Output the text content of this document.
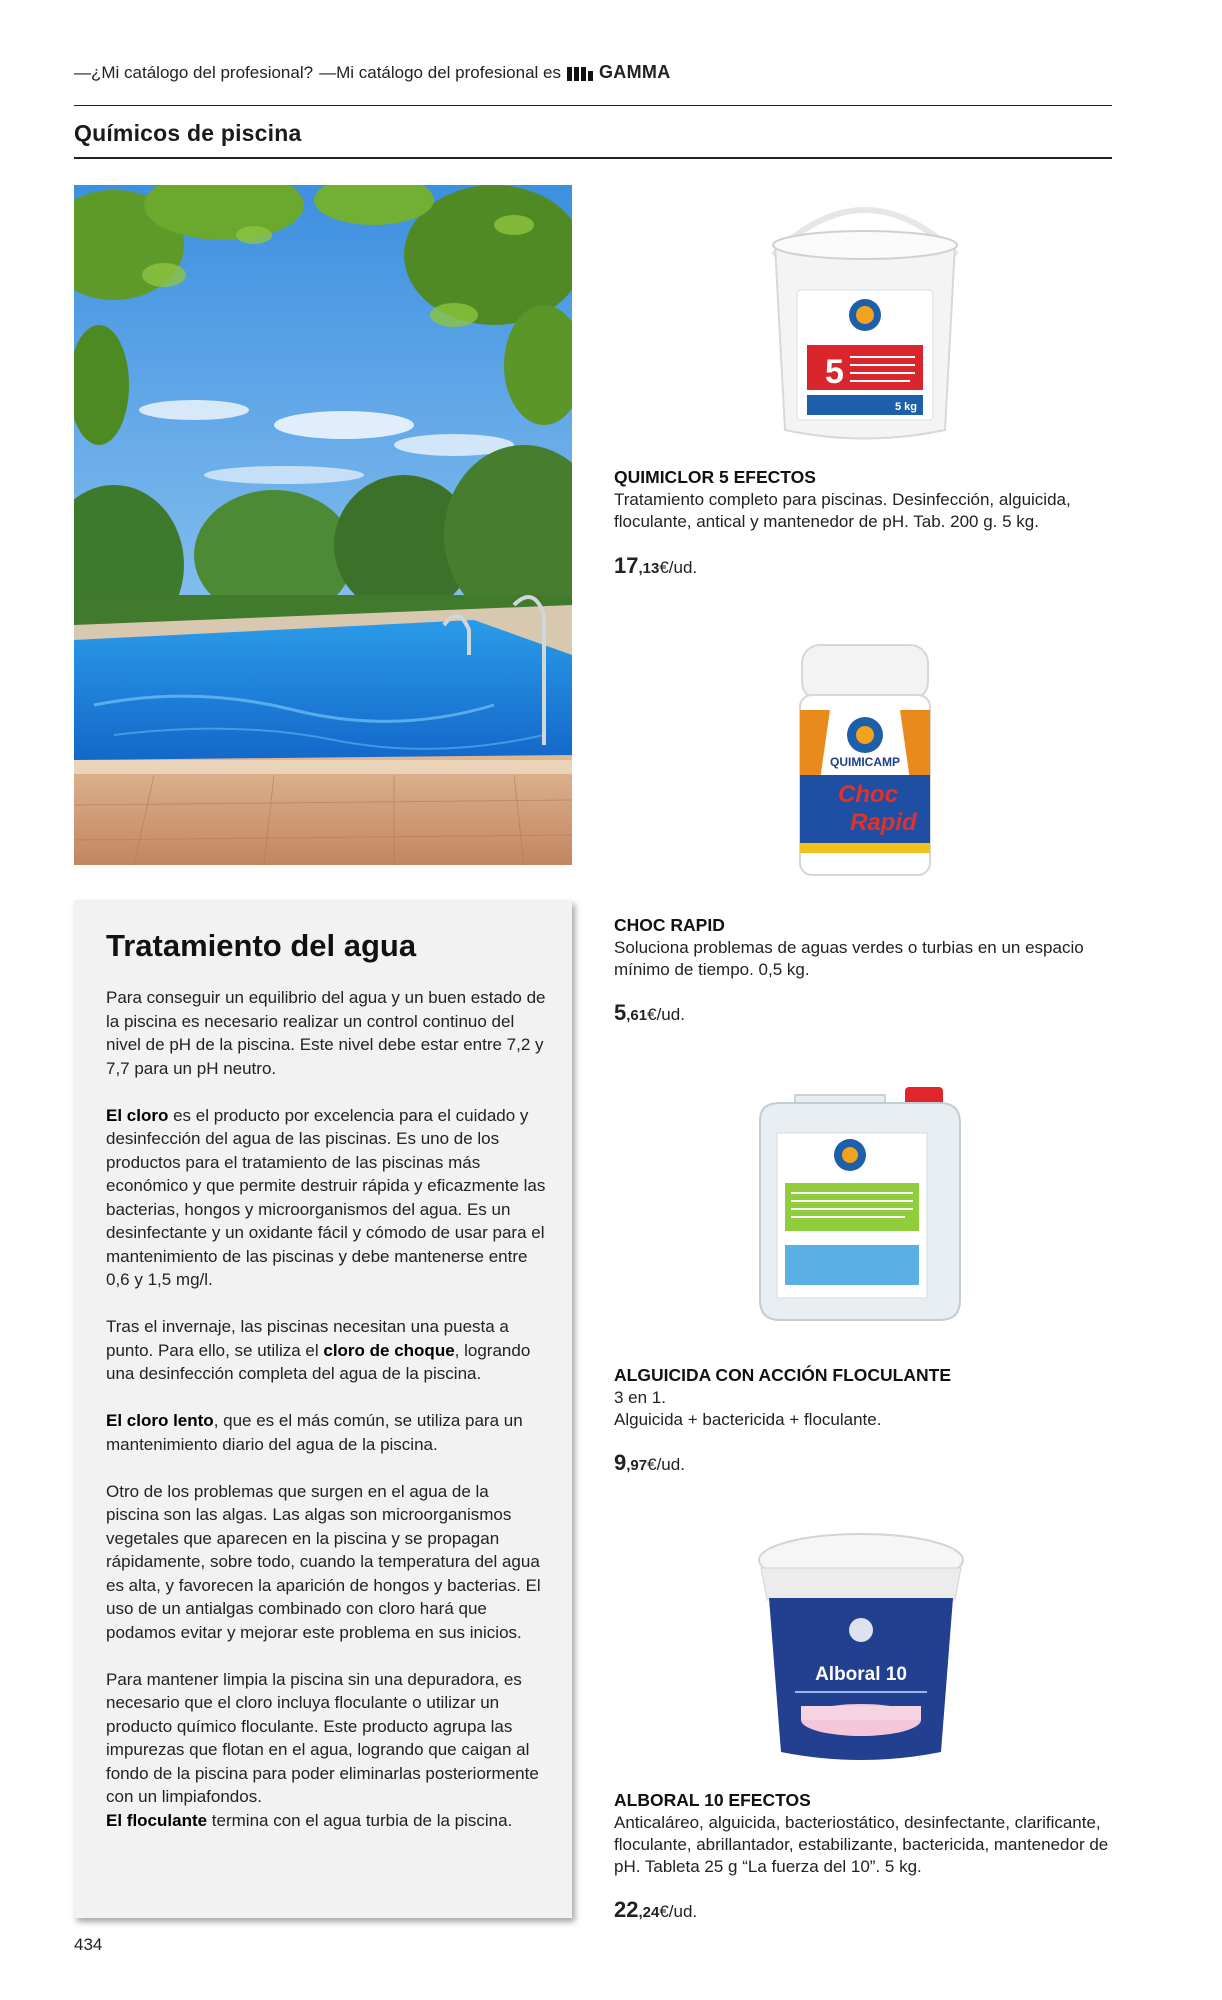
—¿Mi catálogo del profesional? —Mi catálogo del profesional es GAMMA
Químicos de piscina
Tratamiento del agua

Para conseguir un equilibrio del agua y un buen estado de la piscina es necesario realizar un control continuo del nivel de pH de la piscina. Este nivel debe estar entre 7,2 y 7,7 para un pH neutro.

El cloro es el producto por excelencia para el cuidado y desinfección del agua de las piscinas. Es uno de los productos para el tratamiento de las piscinas más económico y que permite destruir rápida y eficazmente las bacterias, hongos y microorganismos del agua. Es un desinfectante y un oxidante fácil y cómodo de usar para el mantenimiento de las piscinas y debe mantenerse entre 0,6 y 1,5 mg/l.

Tras el invernaje, las piscinas necesitan una puesta a punto. Para ello, se utiliza el cloro de choque, logrando una desinfección completa del agua de la piscina.

El cloro lento, que es el más común, se utiliza para un mantenimiento diario del agua de la piscina.

Otro de los problemas que surgen en el agua de la piscina son las algas. Las algas son microorganismos vegetales que aparecen en la piscina y se propagan rápidamente, sobre todo, cuando la temperatura del agua es alta, y favorecen la aparición de hongos y bacterias. El uso de un antialgas combinado con cloro hará que podamos evitar y mejorar este problema en sus inicios.

Para mantener limpia la piscina sin una depuradora, es necesario que el cloro incluya floculante o utilizar un producto químico floculante. Este producto agrupa las impurezas que flotan en el agua, logrando que caigan al fondo de la piscina para poder eliminarlas posteriormente con un limpiafondos.
El floculante termina con el agua turbia de la piscina.

5
5 kg
QUIMICLOR 5 EFECTOS
Tratamiento completo para piscinas. Desinfección, alguicida, floculante, antical y mantenedor de pH. Tab. 200 g. 5 kg.
17,13€/ud.
QUIMICAMP
Choc
Rapid
CHOC RAPID
Soluciona problemas de aguas verdes o turbias en un espacio mínimo de tiempo. 0,5 kg.
5,61€/ud.
ALGUICIDA CON ACCIÓN FLOCULANTE
3 en 1.
Alguicida + bactericida + floculante.
9,97€/ud.
Alboral 10
ALBORAL 10 EFECTOS
Anticaláreo, alguicida, bacteriostático, desinfectante, clarificante, floculante, abrillantador, estabilizante, bactericida, mantenedor de pH. Tableta 25 g “La fuerza del 10”. 5 kg.
22,24€/ud.
434
